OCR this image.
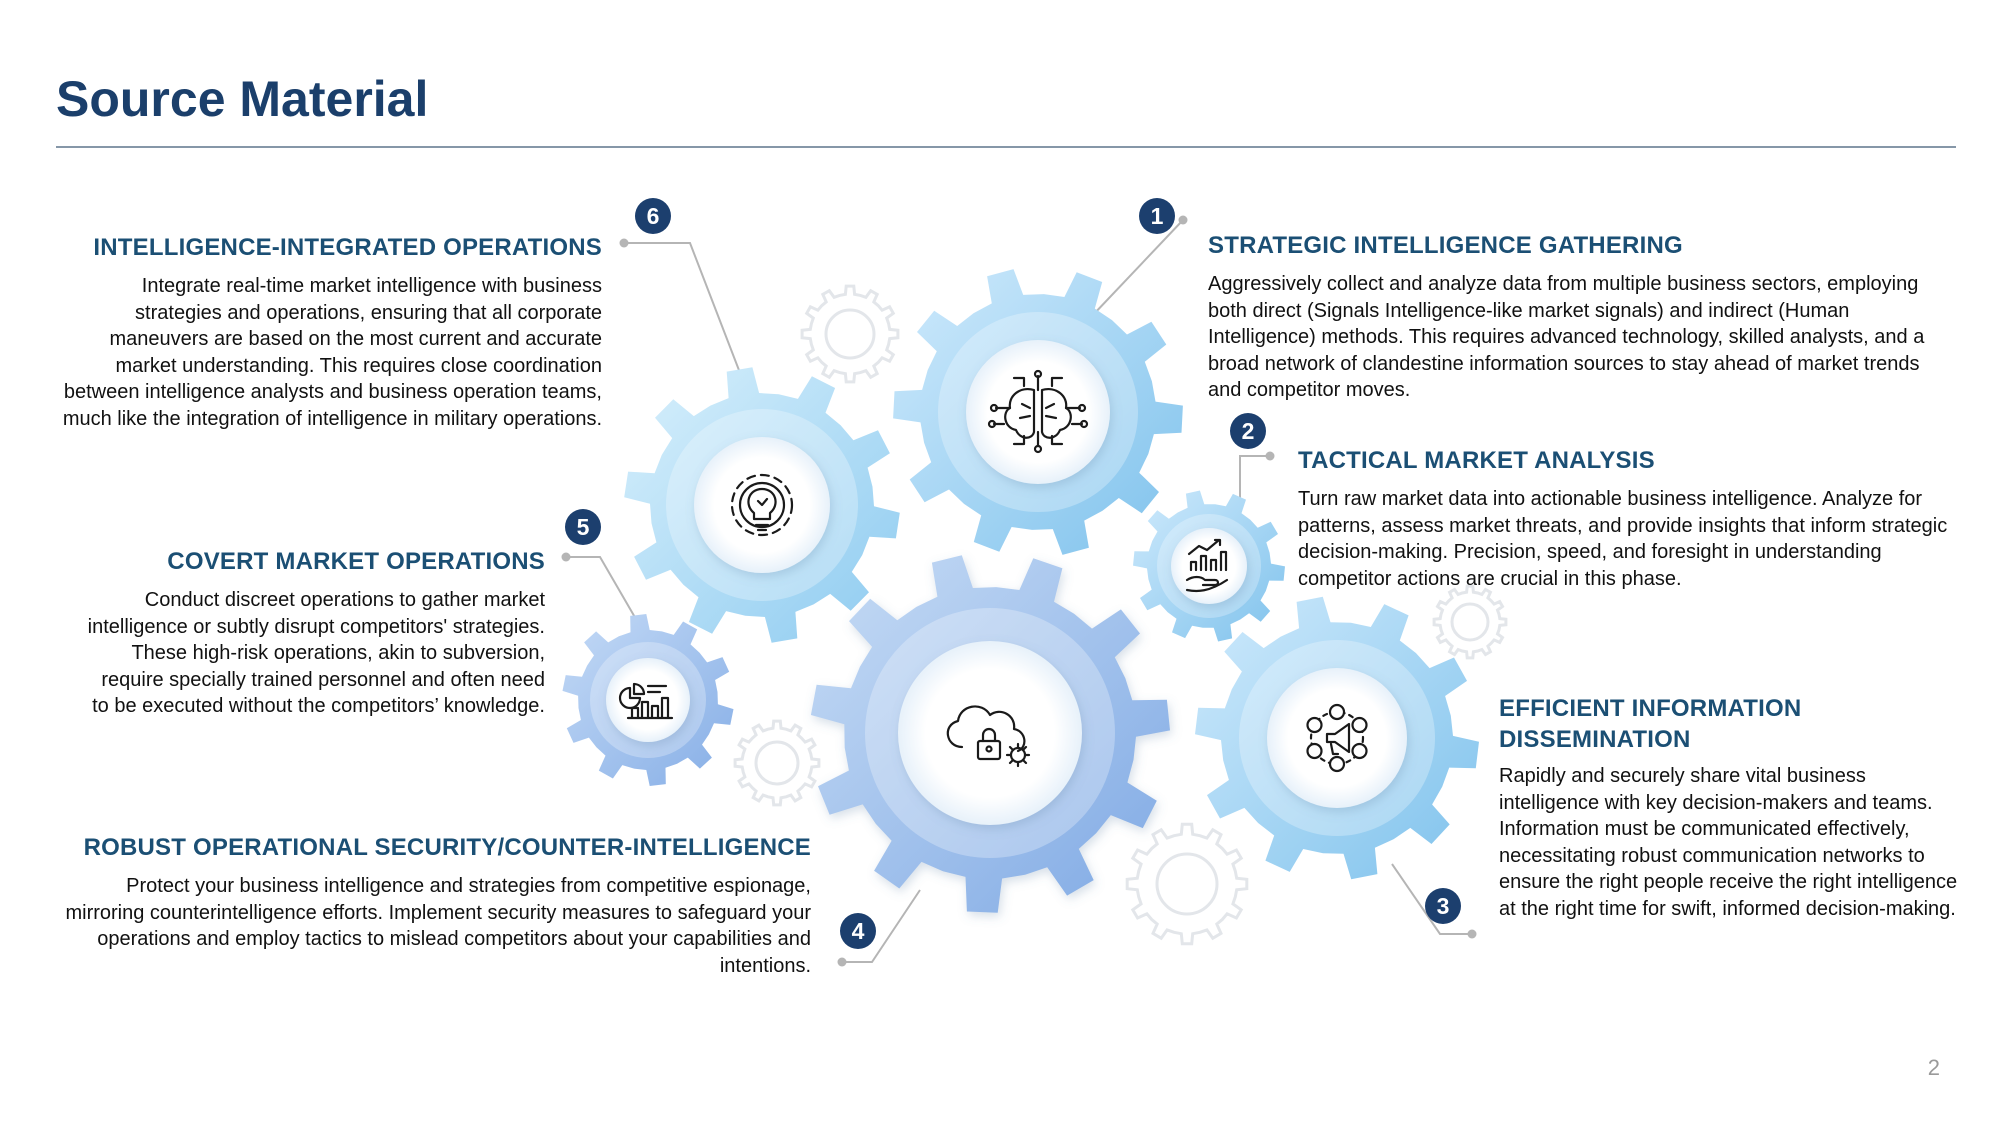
Source Material
6	1
2
5
4
3
INTELLIGENCE-INTEGRATED OPERATIONS

Integrate real-time market intelligence with business strategies and operations, ensuring that all corporate maneuvers are based on the most current and accurate market understanding. This requires close coordination between intelligence analysts and business operation teams, much like the integration of intelligence in military operations.

STRATEGIC INTELLIGENCE GATHERING

Aggressively collect and analyze data from multiple business sectors, employing both direct (Signals Intelligence-like market signals) and indirect (Human Intelligence) methods. This requires advanced technology, skilled analysts, and a broad network of clandestine information sources to stay ahead of market trends and competitor moves.

TACTICAL MARKET ANALYSIS

Turn raw market data into actionable business intelligence. Analyze for patterns, assess market threats, and provide insights that inform strategic decision-making. Precision, speed, and foresight in understanding competitor actions are crucial in this phase.

COVERT MARKET OPERATIONS

Conduct discreet operations to gather market intelligence or subtly disrupt competitors' strategies. These high-risk operations, akin to subversion, require specially trained personnel and often need to be executed without the competitors’ knowledge.	EFFICIENT INFORMATION
DISSEMINATION

Rapidly and securely share vital business intelligence with key decision-makers and teams. Information must be communicated effectively, necessitating robust communication networks to ensure the right people receive the right intelligence at the right time for swift, informed decision-making.

ROBUST OPERATIONAL SECURITY/COUNTER-INTELLIGENCE

Protect your business intelligence and strategies from competitive espionage, mirroring counterintelligence efforts. Implement security measures to safeguard your operations and employ tactics to mislead competitors about your capabilities and intentions.

2
